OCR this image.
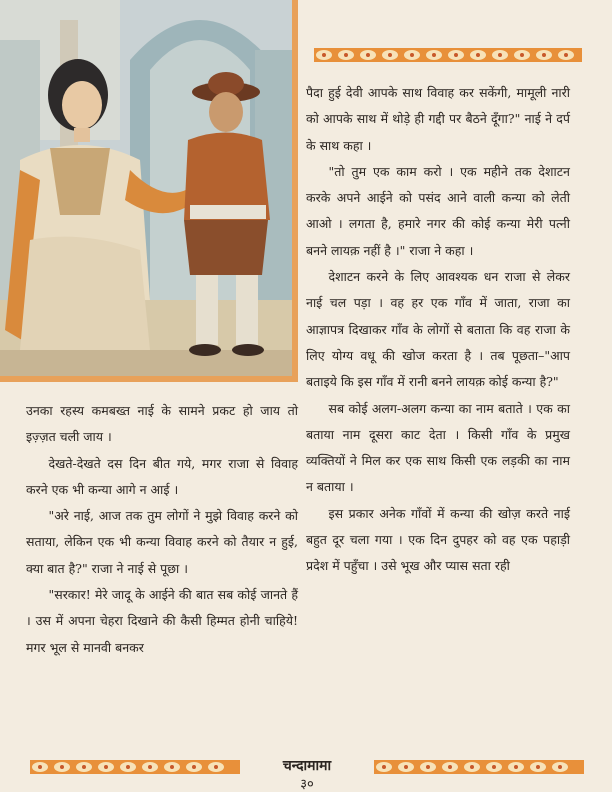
पैदा हुई देवी आपके साथ विवाह कर सकेंगी, मामूली नारी को आपके साथ में थोड़े ही गद्दी पर बैठने दूँगा?" नाई ने दर्प के साथ कहा ।

"तो तुम एक काम करो । एक महीने तक देशाटन करके अपने आईने को पसंद आने वाली कन्या को लेती आओ । लगता है, हमारे नगर की कोई कन्या मेरी पत्नी बनने लायक़ नहीं है ।" राजा ने कहा ।

देशाटन करने के लिए आवश्यक धन राजा से लेकर नाई चल पड़ा । वह हर एक गाँव में जाता, राजा का आज्ञापत्र दिखाकर गाँव के लोगों से बताता कि वह राजा के लिए योग्य वधू की खोज करता है । तब पूछता–"आप बताइये कि इस गाँव में रानी बनने लायक़ कोई कन्या है?"

सब कोई अलग-अलग कन्या का नाम बताते । एक का बताया नाम दूसरा काट देता । किसी गाँव के प्रमुख व्यक्तियों ने मिल कर एक साथ किसी एक लड़की का नाम न बताया ।

इस प्रकार अनेक गाँवों में कन्या की खोज़ करते नाई बहुत दूर चला गया । एक दिन दुपहर को वह एक पहाड़ी प्रदेश में पहुँचा । उसे भूख और प्यास सता रही

उनका रहस्य कमबख्त नाई के सामने प्रकट हो जाय तो इज़्ज़त चली जाय ।

देखते-देखते दस दिन बीत गये, मगर राजा से विवाह करने एक भी कन्या आगे न आई ।

"अरे नाई, आज तक तुम लोगों ने मुझे विवाह करने को सताया, लेकिन एक भी कन्या विवाह करने को तैयार न हुई, क्या बात है?" राजा ने नाई से पूछा ।

"सरकार! मेरे जादू के आईने की बात सब कोई जानते हैं । उस में अपना चेहरा दिखाने की कैसी हिम्मत होनी चाहिये! मगर भूल से मानवी बनकर

चन्दामामा
३०
